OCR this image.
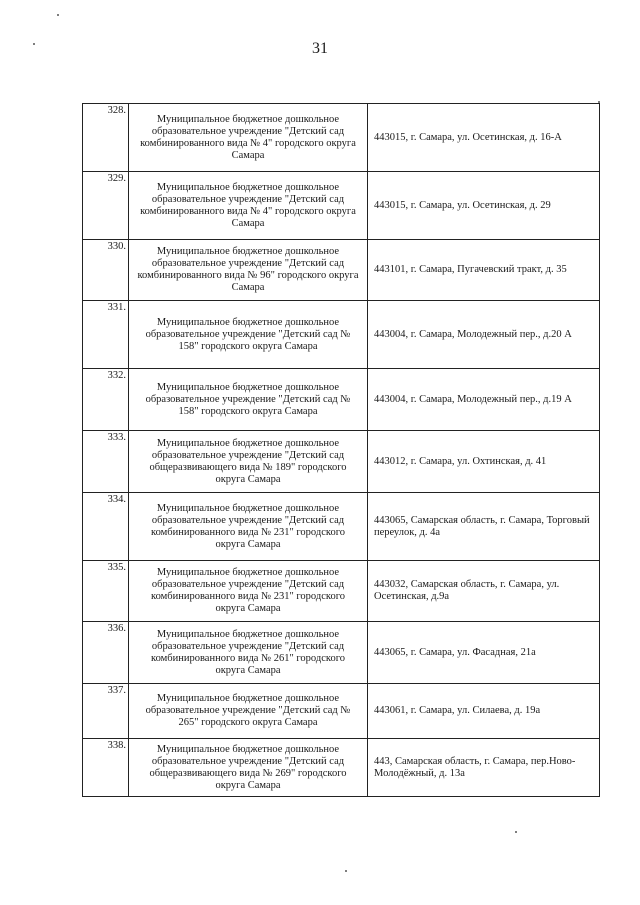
31
328.	Муниципальное бюджетное дошкольное образовательное учреждение "Детский сад комбинированного вида № 4" городского округа Самара	443015, г. Самара, ул. Осетинская, д. 16-А
329.	Муниципальное бюджетное дошкольное образовательное учреждение "Детский сад комбинированного вида № 4" городского округа Самара	443015, г. Самара, ул. Осетинская, д. 29
330.	Муниципальное бюджетное дошкольное образовательное учреждение "Детский сад комбинированного вида № 96" городского округа Самара	443101, г. Самара, Пугачевский тракт, д. 35
331.	Муниципальное бюджетное дошкольное образовательное учреждение "Детский сад № 158" городского округа Самара	443004, г. Самара, Молодежный пер., д.20 А
332.	Муниципальное бюджетное дошкольное образовательное учреждение "Детский сад № 158" городского округа Самара	443004, г. Самара, Молодежный пер., д.19 А
333.	Муниципальное бюджетное дошкольное образовательное учреждение "Детский сад общеразвивающего вида № 189" городского округа Самара	443012, г. Самара, ул. Охтинская, д. 41
334.	Муниципальное бюджетное дошкольное образовательное учреждение "Детский сад комбинированного вида № 231" городского округа Самара	443065, Самарская область, г. Самара, Торговый переулок, д. 4а
335.	Муниципальное бюджетное дошкольное образовательное учреждение "Детский сад комбинированного вида № 231" городского округа Самара	443032, Самарская область, г. Самара, ул. Осетинская, д.9а
336.	Муниципальное бюджетное дошкольное образовательное учреждение "Детский сад комбинированного вида № 261" городского округа Самара	443065, г. Самара, ул. Фасадная, 21а
337.	Муниципальное бюджетное дошкольное образовательное учреждение "Детский сад № 265" городского округа Самара	443061, г. Самара, ул. Силаева, д. 19а
338.	Муниципальное бюджетное дошкольное образовательное учреждение "Детский сад общеразвивающего вида № 269" городского округа Самара	443, Самарская область, г. Самара, пер.Ново-Молодёжный, д. 13а
